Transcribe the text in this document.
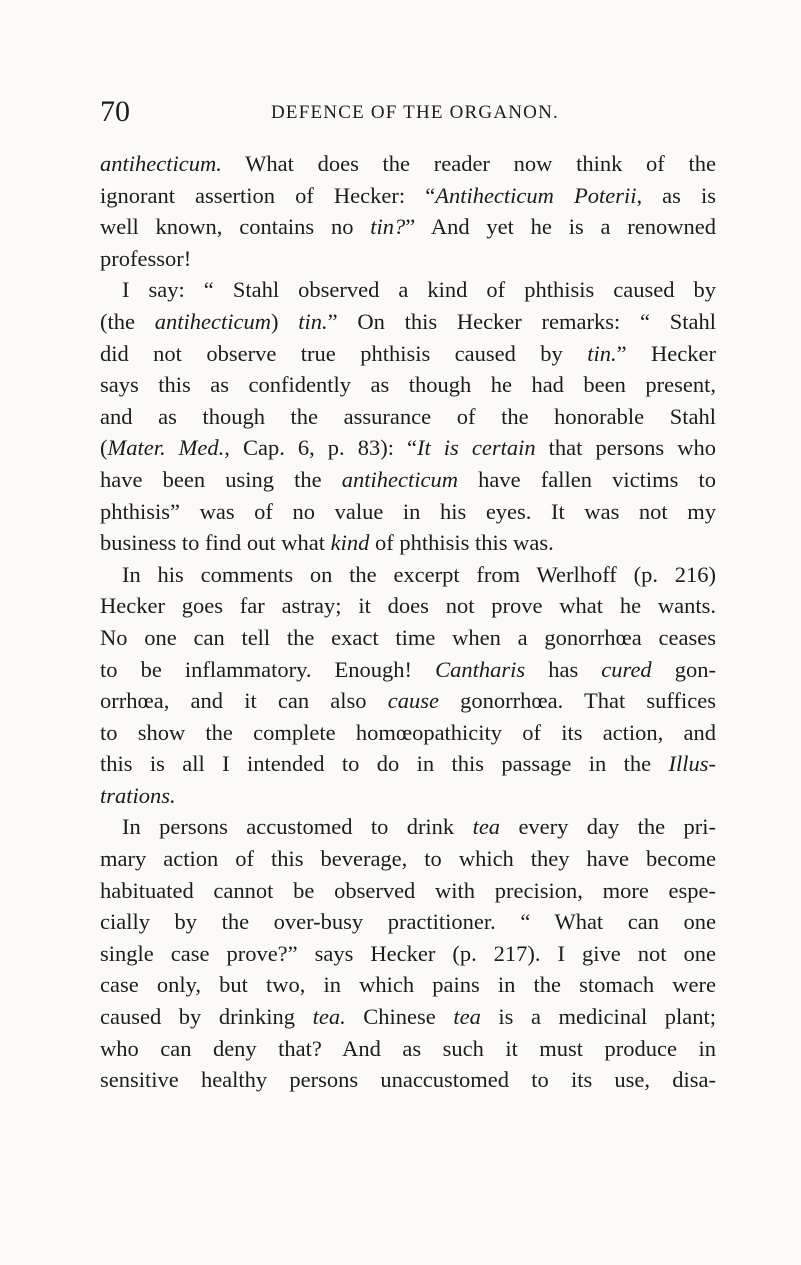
70	DEFENCE OF THE ORGANON.
antihecticum. What does the reader now think of the
ignorant assertion of Hecker: “Antihecticum Poterii, as is
well known, contains no tin?” And yet he is a renowned
professor!
I say: “ Stahl observed a kind of phthisis caused by
(the antihecticum) tin.” On this Hecker remarks: “ Stahl
did not observe true phthisis caused by tin.” Hecker
says this as confidently as though he had been present,
and as though the assurance of the honorable Stahl
(Mater. Med., Cap. 6, p. 83): “It is certain that persons who
have been using the antihecticum have fallen victims to
phthisis” was of no value in his eyes. It was not my
business to find out what kind of phthisis this was.
In his comments on the excerpt from Werlhoff (p. 216)
Hecker goes far astray; it does not prove what he wants.
No one can tell the exact time when a gonorrhœa ceases
to be inflammatory. Enough! Cantharis has cured gon-
orrhœa, and it can also cause gonorrhœa. That suffices
to show the complete homœopathicity of its action, and
this is all I intended to do in this passage in the Illus-
trations.
In persons accustomed to drink tea every day the pri-
mary action of this beverage, to which they have become
habituated cannot be observed with precision, more espe-
cially by the over-busy practitioner. “ What can one
single case prove?” says Hecker (p. 217). I give not one
case only, but two, in which pains in the stomach were
caused by drinking tea. Chinese tea is a medicinal plant;
who can deny that? And as such it must produce in
sensitive healthy persons unaccustomed to its use, disa-
